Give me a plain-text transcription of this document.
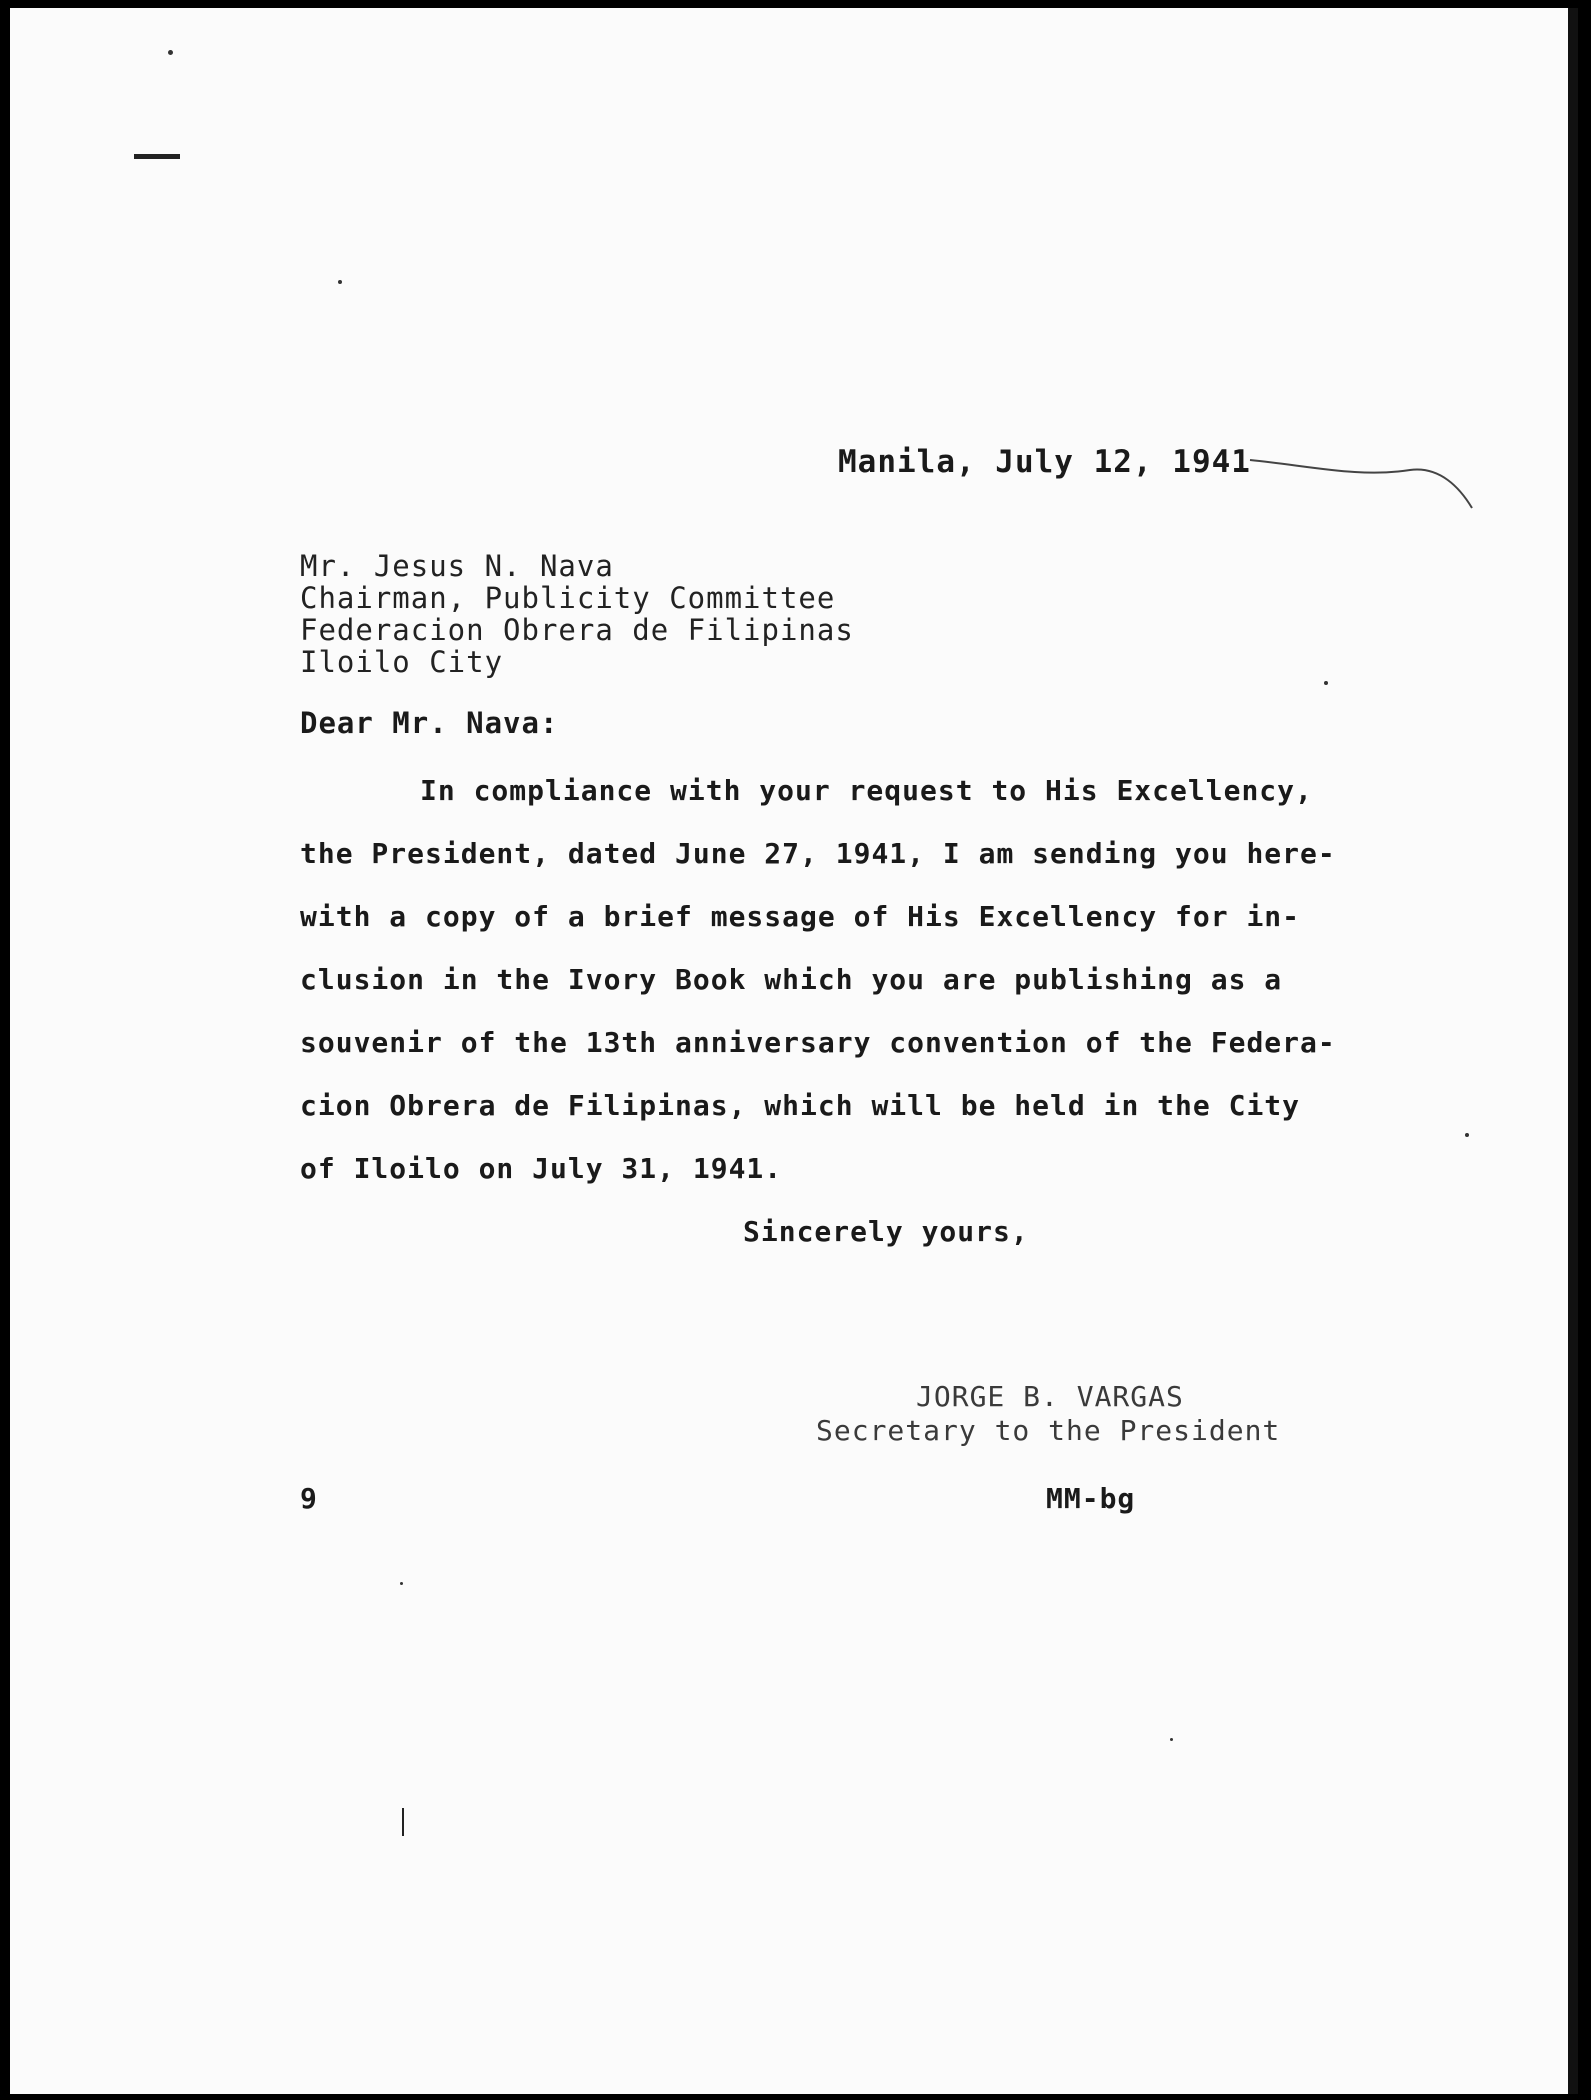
Manila, July 12, 1941
Mr. Jesus N. Nava
Chairman, Publicity Committee
Federacion Obrera de Filipinas
Iloilo City
Dear Mr. Nava:
In compliance with your request to His Excellency,
the President, dated June 27, 1941, I am sending you here-
with a copy of a brief message of His Excellency for in-
clusion in the Ivory Book which you are publishing as a
souvenir of the 13th anniversary convention of the Federa-
cion Obrera de Filipinas, which will be held in the City
of Iloilo on July 31, 1941.
Sincerely yours,
JORGE B. VARGAS
Secretary to the President
9	MM-bg
